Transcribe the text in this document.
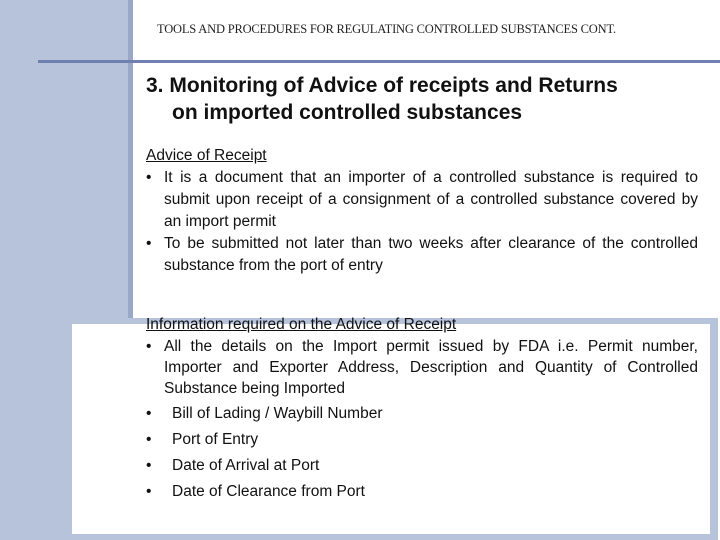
TOOLS AND PROCEDURES FOR REGULATING CONTROLLED SUBSTANCES CONT.
3. Monitoring of Advice of receipts and Returns
on imported controlled substances
Advice of Receipt
• It is a document that an importer of a controlled substance is required to submit upon receipt of a consignment of a controlled substance covered by an import permit
• To be submitted not later than two weeks after clearance of the controlled substance from the port of entry
Information required on the Advice of Receipt
• All the details on the Import permit issued by FDA i.e. Permit number, Importer and Exporter Address, Description and Quantity of Controlled Substance being Imported
• Bill of Lading / Waybill Number
• Port of Entry
• Date of Arrival at Port
• Date of Clearance from Port
